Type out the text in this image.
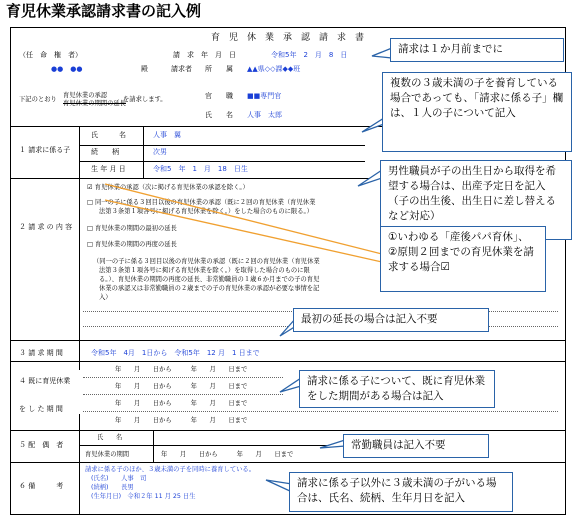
育児休業承認請求書の記入例
育　児　休　業　承　認　請　求　書
（任　命　権　者）
●●　●●	殿
請　求　年　月　日	令和5年　2　月　8　日
請求者 所　　属 ▲▲県◇◇課◆◆班
下記のとおり
育児休業の承認
育児休業の期間の延長
を請求します。	官　　職 ■■専門官
氏　　名 人事　太郎
１ 請求に係る子
氏　　　名	人事　翼
続　　柄	次男
生 年 月 日	令和5　年　1　月　18　日生
２ 請 求 の 内 容
☑ 育児休業の承認（次に掲げる育児休業の承認を除く。）
□ 同一の子に係る３回目以後の育児休業の承認（既に２回の育児休業（育児休業
法第３条第１項各号に掲げる育児休業を除く。）をした場合のものに限る。）
□ 育児休業の期間の最初の延長
□ 育児休業の期間の再度の延長
（同一の子に係る３回目以後の育児休業の承認（既に２回の育児休業（育児休業
法第３条第１項各号に掲げる育児休業を除く。）を取得した場合のものに限
る。）、育児休業の期間の再度の延長、非常勤職員の１歳６か月までの子の育児
休業の承認又は非常勤職員の２歳までの子の育児休業の承認が必要な事情を記
入）
３ 請 求 期 間	令和5年　4月　1日から　令和5年　12 月　1 日まで
４ 既に育児休業
を し た 期 間
年　　月　　日から　　　年　　月　　日まで
年　　月　　日から　　　年　　月　　日まで
年　　月　　日から　　　年　　月　　日まで
年　　月　　日から　　　年　　月　　日まで
５ 配　偶　者
氏　　名
育児休業の期間	年　　月　　日から　　　年　　月　　日まで
６ 備　　　考
請求に係る子のほか、３歳未満の子を同時に養育している。
(氏名)　　人事　司
(続柄)　　長男
(生年月日)　令和２年 11 月 25 日生
請求は１か月前までに
複数の３歳未満の子を養育している場合であっても、「請求に係る子」欄は、１人の子について記入
男性職員が子の出生日から取得を希望する場合は、出産予定日を記入（子の出生後、出生日に差し替えるなど対応）
①いわゆる「産後パパ育休」、②原則２回までの育児休業を請求する場合☑
最初の延長の場合は記入不要
請求に係る子について、既に育児休業をした期間がある場合は記入
常勤職員は記入不要
請求に係る子以外に３歳未満の子がいる場合は、氏名、続柄、生年月日を記入
